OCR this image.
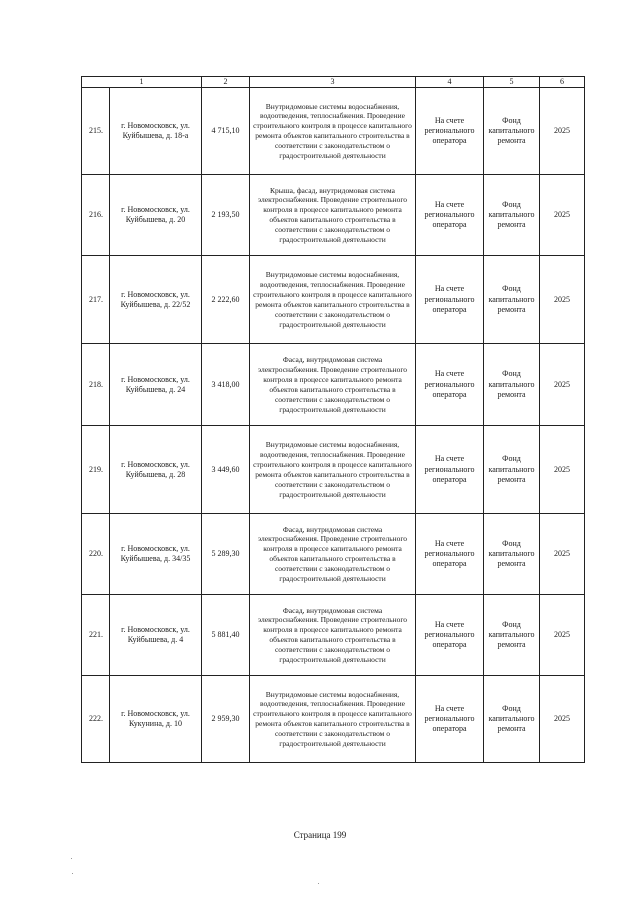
1		2	3	4	5	6
215.	г. Новомосковск, ул. Куйбышева, д. 18-а	4 715,10	Внутридомовые системы водоснабжения, водоотведения, теплоснабжения. Проведение строительного контроля в процессе капитального ремонта объектов капитального строительства в соответствии с законодательством о градостроительной деятельности	На счете регионального оператора	Фонд капитального ремонта	2025
216.	г. Новомосковск, ул. Куйбышева, д. 20	2 193,50	Крыша, фасад, внутридомовая система электроснабжения. Проведение строительного контроля в процессе капитального ремонта объектов капитального строительства в соответствии с законодательством о градостроительной деятельности	На счете регионального оператора	Фонд капитального ремонта	2025
217.	г. Новомосковск, ул. Куйбышева, д. 22/52	2 222,60	Внутридомовые системы водоснабжения, водоотведения, теплоснабжения. Проведение строительного контроля в процессе капитального ремонта объектов капитального строительства в соответствии с законодательством о градостроительной деятельности	На счете регионального оператора	Фонд капитального ремонта	2025
218.	г. Новомосковск, ул. Куйбышева, д. 24	3 418,00	Фасад, внутридомовая система электроснабжения. Проведение строительного контроля в процессе капитального ремонта объектов капитального строительства в соответствии с законодательством о градостроительной деятельности	На счете регионального оператора	Фонд капитального ремонта	2025
219.	г. Новомосковск, ул. Куйбышева, д. 28	3 449,60	Внутридомовые системы водоснабжения, водоотведения, теплоснабжения. Проведение строительного контроля в процессе капитального ремонта объектов капитального строительства в соответствии с законодательством о градостроительной деятельности	На счете регионального оператора	Фонд капитального ремонта	2025
220.	г. Новомосковск, ул. Куйбышева, д. 34/35	5 289,30	Фасад, внутридомовая система электроснабжения. Проведение строительного контроля в процессе капитального ремонта объектов капитального строительства в соответствии с законодательством о градостроительной деятельности	На счете регионального оператора	Фонд капитального ремонта	2025
221.	г. Новомосковск, ул. Куйбышева, д. 4	5 881,40	Фасад, внутридомовая система электроснабжения. Проведение строительного контроля в процессе капитального ремонта объектов капитального строительства в соответствии с законодательством о градостроительной деятельности	На счете регионального оператора	Фонд капитального ремонта	2025
222.	г. Новомосковск, ул. Кукунина, д. 10	2 959,30	Внутридомовые системы водоснабжения, водоотведения, теплоснабжения. Проведение строительного контроля в процессе капитального ремонта объектов капитального строительства в соответствии с законодательством о градостроительной деятельности	На счете регионального оператора	Фонд капитального ремонта	2025
Страница 199
